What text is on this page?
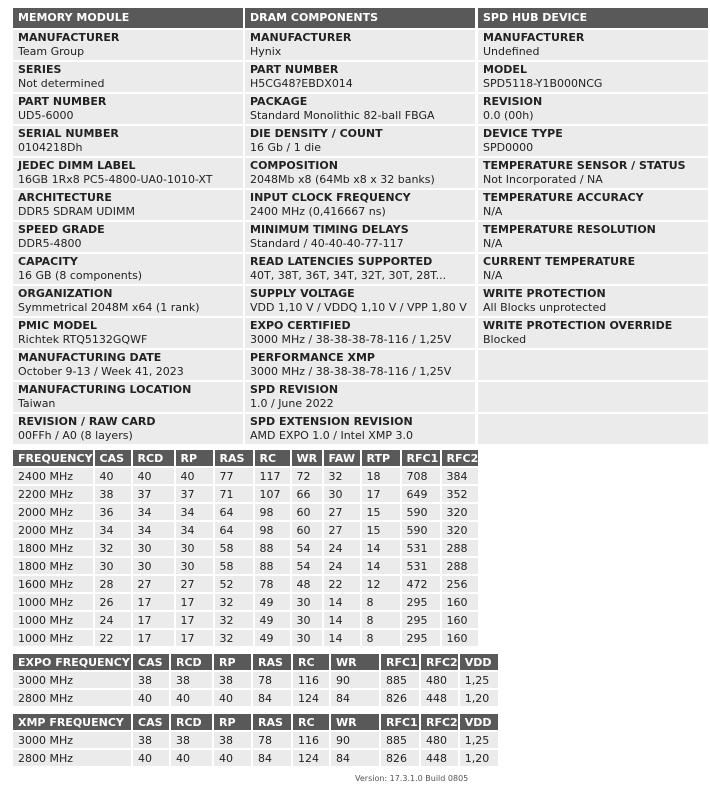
MEMORY MODULE
MANUFACTURER
Team Group
SERIES
Not determined
PART NUMBER
UD5-6000
SERIAL NUMBER
0104218Dh
JEDEC DIMM LABEL
16GB 1Rx8 PC5-4800-UA0-1010-XT
ARCHITECTURE
DDR5 SDRAM UDIMM
SPEED GRADE
DDR5-4800
CAPACITY
16 GB (8 components)
ORGANIZATION
Symmetrical 2048M x64 (1 rank)
PMIC MODEL
Richtek RTQ5132GQWF
MANUFACTURING DATE
October 9-13 / Week 41, 2023
MANUFACTURING LOCATION
Taiwan
REVISION / RAW CARD
00FFh / A0 (8 layers)
DRAM COMPONENTS
MANUFACTURER
Hynix
PART NUMBER
H5CG48?EBDX014
PACKAGE
Standard Monolithic 82-ball FBGA
DIE DENSITY / COUNT
16 Gb / 1 die
COMPOSITION
2048Mb x8 (64Mb x8 x 32 banks)
INPUT CLOCK FREQUENCY
2400 MHz (0,416667 ns)
MINIMUM TIMING DELAYS
Standard / 40-40-40-77-117
READ LATENCIES SUPPORTED
40T, 38T, 36T, 34T, 32T, 30T, 28T...
SUPPLY VOLTAGE
VDD 1,10 V / VDDQ 1,10 V / VPP 1,80 V
EXPO CERTIFIED
3000 MHz / 38-38-38-78-116 / 1,25V
PERFORMANCE XMP
3000 MHz / 38-38-38-78-116 / 1,25V
SPD REVISION
1.0 / June 2022
SPD EXTENSION REVISION
AMD EXPO 1.0 / Intel XMP 3.0
SPD HUB DEVICE
MANUFACTURER
Undefined
MODEL
SPD5118-Y1B000NCG
REVISION
0.0 (00h)
DEVICE TYPE
SPD0000
TEMPERATURE SENSOR / STATUS
Not Incorporated / NA
TEMPERATURE ACCURACY
N/A
TEMPERATURE RESOLUTION
N/A
CURRENT TEMPERATURE
N/A
WRITE PROTECTION
All Blocks unprotected
WRITE PROTECTION OVERRIDE
Blocked
FREQUENCY	CAS	RCD	RP	RAS	RC	WR	FAW	RTP	RFC1	RFC2
2400 MHz	40	40	40	77	117	72	32	18	708	384
2200 MHz	38	37	37	71	107	66	30	17	649	352
2000 MHz	36	34	34	64	98	60	27	15	590	320
2000 MHz	34	34	34	64	98	60	27	15	590	320
1800 MHz	32	30	30	58	88	54	24	14	531	288
1800 MHz	30	30	30	58	88	54	24	14	531	288
1600 MHz	28	27	27	52	78	48	22	12	472	256
1000 MHz	26	17	17	32	49	30	14	8	295	160
1000 MHz	24	17	17	32	49	30	14	8	295	160
1000 MHz	22	17	17	32	49	30	14	8	295	160
EXPO FREQUENCY	CAS	RCD	RP	RAS	RC	WR	RFC1	RFC2	VDD
3000 MHz	38	38	38	78	116	90	885	480	1,25
2800 MHz	40	40	40	84	124	84	826	448	1,20
XMP FREQUENCY	CAS	RCD	RP	RAS	RC	WR	RFC1	RFC2	VDD
3000 MHz	38	38	38	78	116	90	885	480	1,25
2800 MHz	40	40	40	84	124	84	826	448	1,20
Version: 17.3.1.0 Build 0805
